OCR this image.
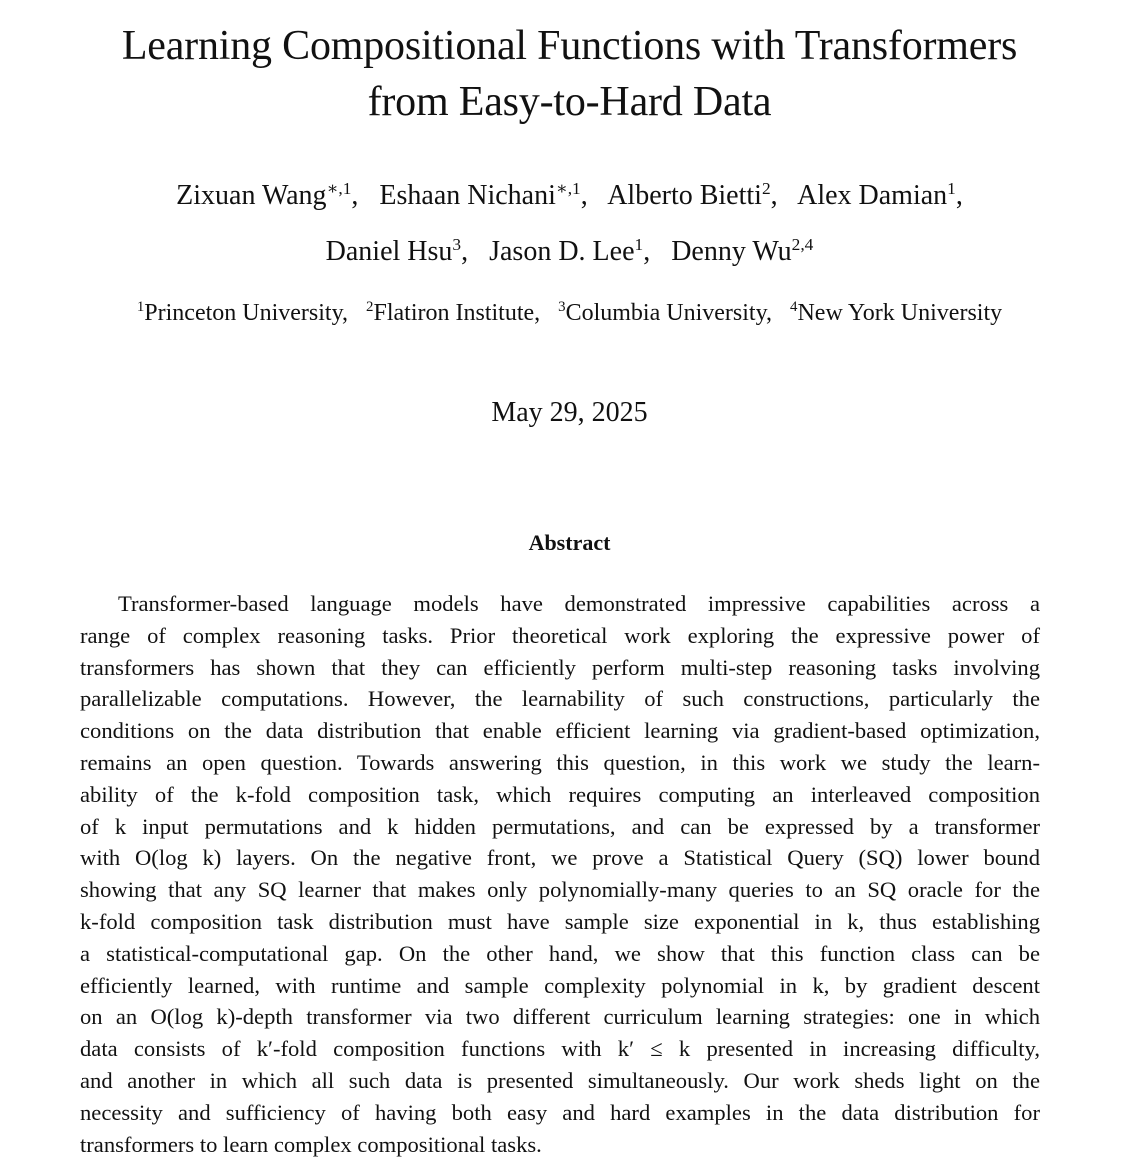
Learning Compositional Functions with Transformers
from Easy-to-Hard Data
Zixuan Wang$^{∗,1}$,   Eshaan Nichani$^{∗,1}$,   Alberto Bietti$^2$,   Alex Damian$^1$,
Daniel Hsu$^3$,   Jason D. Lee$^1$,   Denny Wu$^{2,4}$
$^1$Princeton University,   $^2$Flatiron Institute,   $^3$Columbia University,   $^4$New York University
May 29, 2025
Abstract
Transformer-based language models have demonstrated impressive capabilities across a
range of complex reasoning tasks. Prior theoretical work exploring the expressive power of
transformers has shown that they can efficiently perform multi-step reasoning tasks involving
parallelizable computations. However, the learnability of such constructions, particularly the
conditions on the data distribution that enable efficient learning via gradient-based optimization,
remains an open question. Towards answering this question, in this work we study the learn-
ability of the k-fold composition task, which requires computing an interleaved composition
of k input permutations and k hidden permutations, and can be expressed by a transformer
with O(log k) layers. On the negative front, we prove a Statistical Query (SQ) lower bound
showing that any SQ learner that makes only polynomially-many queries to an SQ oracle for the
k-fold composition task distribution must have sample size exponential in k, thus establishing
a statistical-computational gap. On the other hand, we show that this function class can be
efficiently learned, with runtime and sample complexity polynomial in k, by gradient descent
on an O(log k)-depth transformer via two different curriculum learning strategies: one in which
data consists of k′-fold composition functions with k′ ≤ k presented in increasing difficulty,
and another in which all such data is presented simultaneously. Our work sheds light on the
necessity and sufficiency of having both easy and hard examples in the data distribution for
transformers to learn complex compositional tasks.
